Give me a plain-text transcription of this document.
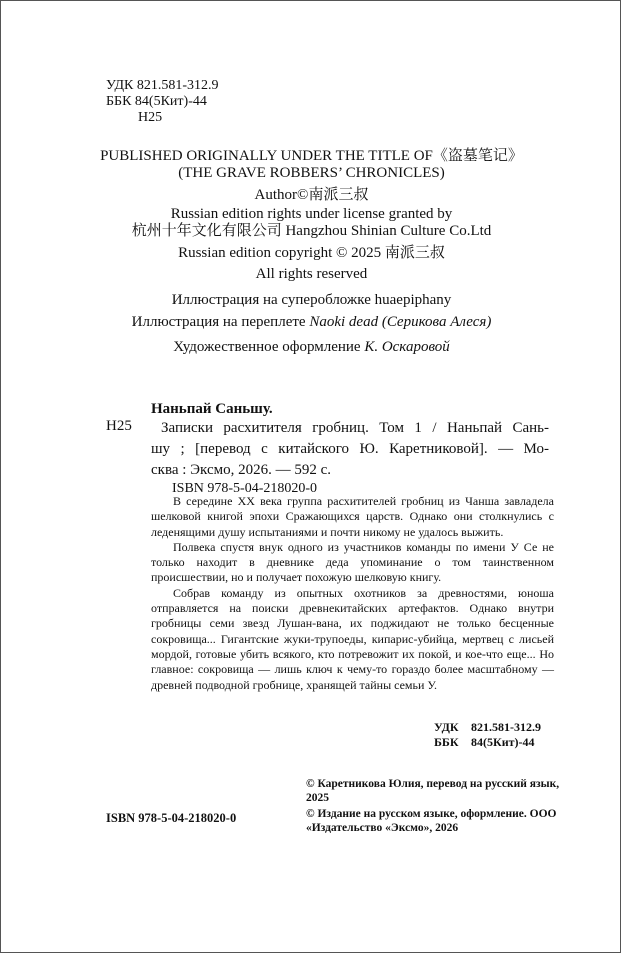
УДК 821.581-312.9
ББК 84(5Кит)-44
Н25
PUBLISHED ORIGINALLY UNDER THE TITLE OF《盗墓笔记》
(THE GRAVE ROBBERS’ CHRONICLES)
Author©南派三叔
Russian edition rights under license granted by
杭州十年文化有限公司 Hangzhou Shinian Culture Co.Ltd
Russian edition copyright © 2025 南派三叔
All rights reserved
Иллюстрация на суперобложке huaepiphany
Иллюстрация на переплете Naoki dead (Серикова Алеся)
Художественное оформление К. Оскаровой
Наньпай Саньшу.
Н25 Записки расхитителя гробниц. Том 1 / Наньпай Сань-
шу ; [перевод с китайского Ю. Каретниковой]. — Мо-
сква : Эксмо, 2026. — 592 с.
ISBN 978-5-04-218020-0

В середине XX века группа расхитителей гробниц из Чанша завладела шелковой книгой эпохи Сражающихся царств. Однако они столкнулись с леденящими душу испытаниями и почти никому не удалось выжить.

Полвека спустя внук одного из участников команды по имени У Се не только находит в дневнике деда упоминание о том таинственном происшествии, но и получает похожую шелковую книгу.

Собрав команду из опытных охотников за древностями, юноша отправляется на поиски древнекитайских артефактов. Однако внутри гробницы семи звезд Лушан-вана, их поджидают не только бесценные сокровища... Гигантские жуки-трупоеды, кипарис-убийца, мертвец с лисьей мордой, готовые убить всякого, кто потревожит их покой, и кое-что еще... Но главное: сокровища — лишь ключ к чему-то гораздо более масштабному — древней подводной гробнице, хранящей тайны семьи У.

УДК 821.581-312.9
ББК 84(5Кит)-44

© Каретникова Юлия, перевод на русский язык, 2025

© Издание на русском языке, оформление. ООО «Издательство «Эксмо», 2026

ISBN 978-5-04-218020-0
